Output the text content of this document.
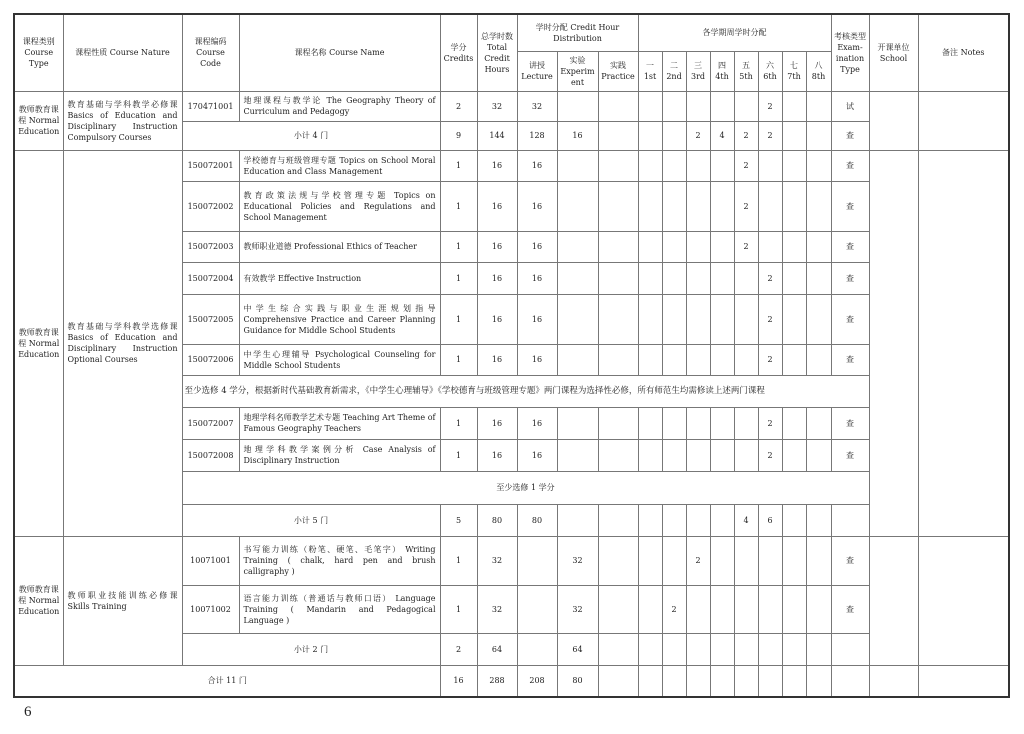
课程类别 Course Type	课程性质 Course Nature	课程编码 Course Code	课程名称 Course Name	学分 Credits	总学时数 Total Credit Hours	学时分配 Credit Hour Distribution			各学期周学时分配								考核类型 Exam-ination Type	开课单位 School	备注 Notes
						讲授 Lecture	实验 Experiment	实践 Practice	一 1st	二 2nd	三 3rd	四 4th	五 5th	六 6th	七 7th	八 8th			
教师教育课程 Normal Education	教育基础与学科教学必修课 Basics of Education and Disciplinary Instruction Compulsory Courses	170471001	地理课程与教学论 The Geography Theory of Curriculum and Pedagogy	2	32	32								2			试		
		小计 4 门		9	144	128	16				2	4	2	2			查		
教师教育课程 Normal Education	教育基础与学科教学选修课 Basics of Education and Disciplinary Instruction Optional Courses	150072001	学校德育与班级管理专题 Topics on School Moral Education and Class Management	1	16	16							2				查		
		150072002	教育政策法规与学校管理专题 Topics on Educational Policies and Regulations and School Management	1	16	16							2				查		
		150072003	教师职业道德 Professional Ethics of Teacher	1	16	16							2				查		
		150072004	有效教学 Effective Instruction	1	16	16								2			查		
		150072005	中学生综合实践与职业生涯规划指导 Comprehensive Practice and Career Planning Guidance for Middle School Students	1	16	16								2			查		
		150072006	中学生心理辅导 Psychological Counseling for Middle School Students	1	16	16								2			查		
		至少选修 4 学分，根据新时代基础教育新需求，《中学生心理辅导》《学校德育与班级管理专题》两门课程为选择性必修，所有师范生均需修读上述两门课程																	
		150072007	地理学科名师教学艺术专题 Teaching Art Theme of Famous Geography Teachers	1	16	16								2			查		
		150072008	地理学科教学案例分析 Case Analysis of Disciplinary Instruction	1	16	16								2			查		
		至少选修 1 学分																	
		小计 5 门		5	80	80							4	6					
教师教育课程 Normal Education	教师职业技能训练必修课 Skills Training	10071001	书写能力训练（粉笔、硬笔、毛笔字） Writing Training ( chalk, hard pen and brush calligraphy )	1	32		32				2						查		
		10071002	语言能力训练（普通话与教师口语） Language Training ( Mandarin and Pedagogical Language )	1	32		32			2							查		
		小计 2 门		2	64		64												
合计 11 门				16	288	208	80												
6
